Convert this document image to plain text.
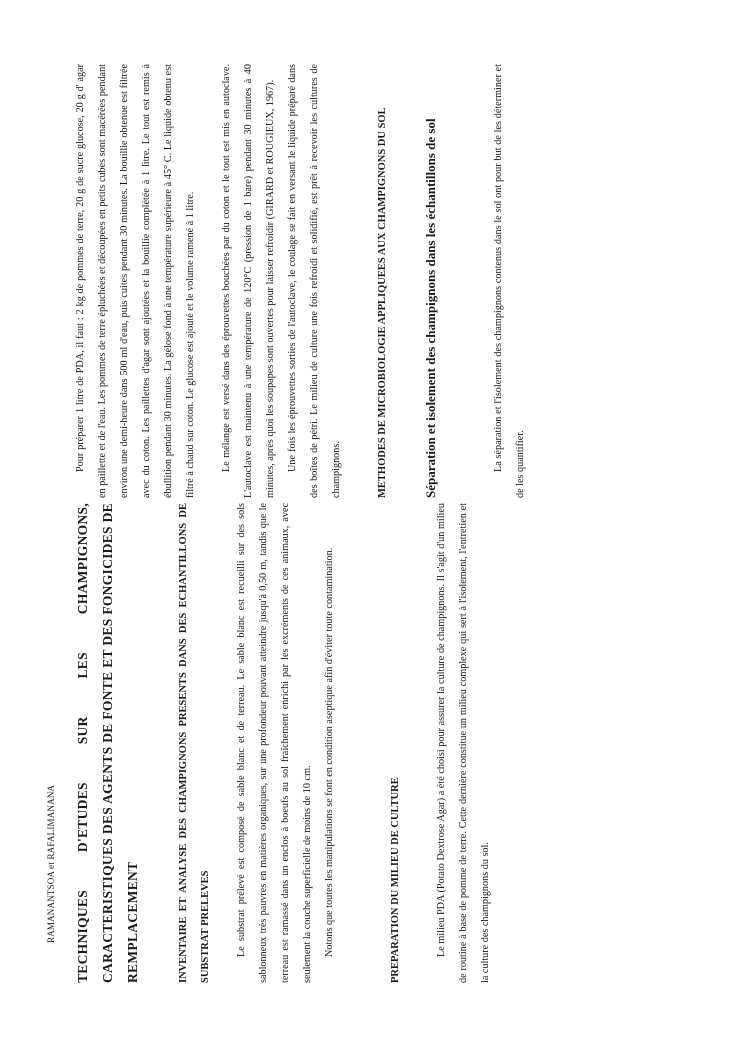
RAMANANTSOA et RAFALIMANANA	TECHNIQUES D'ETUDES SUR LES CHAMPIGNONS, CARACTERISTIQUES DES AGENTS DE FONTE ET DES FONGICIDES DE REMPLACEMENT	INVENTAIRE ET ANALYSE DES CHAMPIGNONS PRESENTS DANS DES ECHANTILLONS DE SUBSTRAT PRELEVES	Le substrat prélevé est composé de sable blanc et de terreau. Le sable blanc est recueilli sur des sols sablonneux très pauvres en matières organiques, sur une profondeur pouvant atteindre jusqu'à 0,50 m, tandis que le terreau est ramassé dans un enclos à boeufs au sol fraîchement enrichi par les excréments de ces animaux, avec seulement la couche superficielle de moins de 10 cm.	Notons que toutes les manipulations se font en condition aseptique afin d'éviter toute contamination.	PREPARATION DU MILIEU DE CULTURE	Le milieu PDA (Potato Dextrose Agar) a été choisi pour assurer la culture de champignons. Il s'agit d'un milieu de routine à base de pomme de terre. Cette dernière constitue un milieu complexe qui sert à l'isolement, l'entretien et la culture des champignons du sol.

Pour préparer 1 litre de PDA, il faut : 2 kg de pommes de terre, 20 g de sucre glucose, 20 g d' agar en paillette et de l'eau. Les pommes de terre épluchées et découpées en petits cubes sont macérées pendant environ une demi-heure dans 500 ml d'eau, puis cuites pendant 30 minutes. La bouillie obtenue est filtrée avec du coton. Les paillettes d'agar sont ajoutées et la bouillie complétée à 1 litre. Le tout est remis à ébullition pendant 30 minutes. La gélose fond à une température supérieure à 45° C. Le liquide obtenu est filtré à chaud sur coton. Le glucose est ajouté et le volume ramené à 1 litre.	Le mélange est versé dans des éprouvettes bouchées par du coton et le tout est mis en autoclave. L'autoclave est maintenu à une température de 120°C (pression de 1 bare) pendant 30 minutes à 40 minutes, après quoi les soupapes sont ouvertes pour laisser refroidir (GIRARD et ROUGIEUX, 1967).	Une fois les éprouvettes sorties de l'autoclave, le coulage se fait en versant le liquide préparé dans des boîtes de pétri. Le milieu de culture une fois refroidi et solidifié, est prêt à recevoir les cultures de champignons.	METHODES DE MICROBIOLOGIE APPLIQUEES AUX CHAMPIGNONS DU SOL	Séparation et isolement des champignons dans les échantillons de sol	La séparation et l'isolement des champignons contenus dans le sol ont pour but de les déterminer et de les quantifier.
